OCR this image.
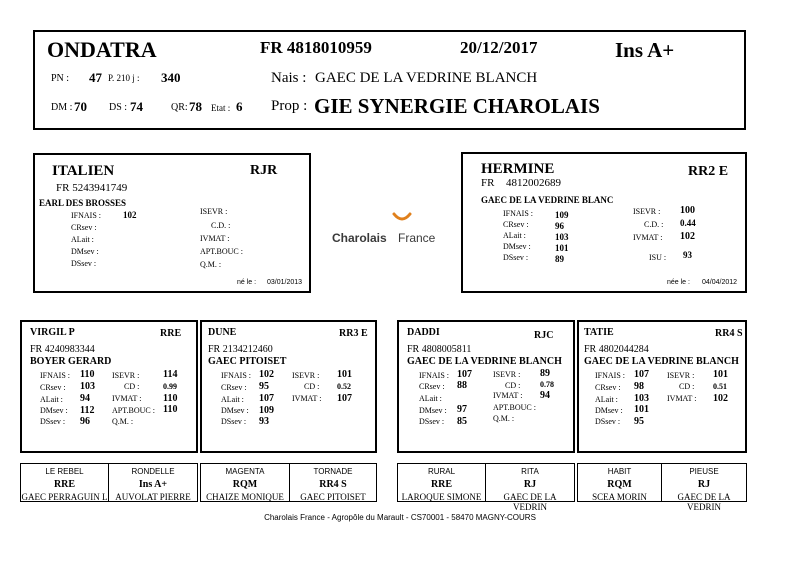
ONDATRA	FR 4818010959	20/12/2017	Ins A+
PN : 47 P. 210 j : 340	Nais : GAEC DE LA VEDRINE BLANCH
DM : 70 DS : 74	QR: 78 Etat : 6 Prop : GIE SYNERGIE CHAROLAIS
ITALIEN	RJR
FR 5243941749
EARL DES BROSSES
IFNAIS : 102
CRsev :
ALait :
DMsev :
DSsev :
ISEVR :
C.D. :
IVMAT :
APT.BOUC :
Q.M. :
né le : 03/01/2013
Charolais France
HERMINE	RR2 E
FR 4812002689
GAEC DE LA VEDRINE BLANC
IFNAIS : 109
CRsev :	96
ALait :	103
DMsev :	101
DSsev :	89
ISEVR : 100
C.D. : 0.44
IVMAT : 102
ISU : 93
née le : 04/04/2012
VIRGIL P	RRE
FR 4240983344
BOYER GERARD
IFNAIS : 110
CRsev : 103
ALait : 94
DMsev : 112
DSsev : 96
ISEVR : 114
CD :	0.99
IVMAT : 110
APT.BOUC : 110
Q.M. :
DUNE	RR3 E
FR 2134212460
GAEC PITOISET
IFNAIS : 102
CRsev : 95
ALait : 107
DMsev : 109
DSsev : 93
ISEVR : 101
CD : 0.52
IVMAT : 107
DADDI	RJC
FR 4808005811
GAEC DE LA VEDRINE BLANCH
IFNAIS : 107
CRsev : 88
ALait :
DMsev : 97
DSsev : 85
ISEVR : 89
CD : 0.78
IVMAT : 94
APT.BOUC :
Q.M. :
TATIE	RR4 S
FR 4802044284
GAEC DE LA VEDRINE BLANCH
IFNAIS : 107
CRsev : 98
ALait : 103
DMsev : 101
DSsev : 95
ISEVR : 101
CD : 0.51
IVMAT : 102
LE REBEL
RRE
GAEC PERRAGUIN L
RONDELLE
Ins A+
AUVOLAT PIERRE
MAGENTA
RQM
CHAIZE MONIQUE
TORNADE
RR4 S
GAEC PITOISET
RURAL
RRE
LAROQUE SIMONE
RITA
RJ
GAEC DE LA VEDRIN
HABIT
RQM
SCEA MORIN
PIEUSE
RJ
GAEC DE LA VEDRIN
Charolais France - Agropôle du Marault - CS70001 - 58470 MAGNY-COURS
